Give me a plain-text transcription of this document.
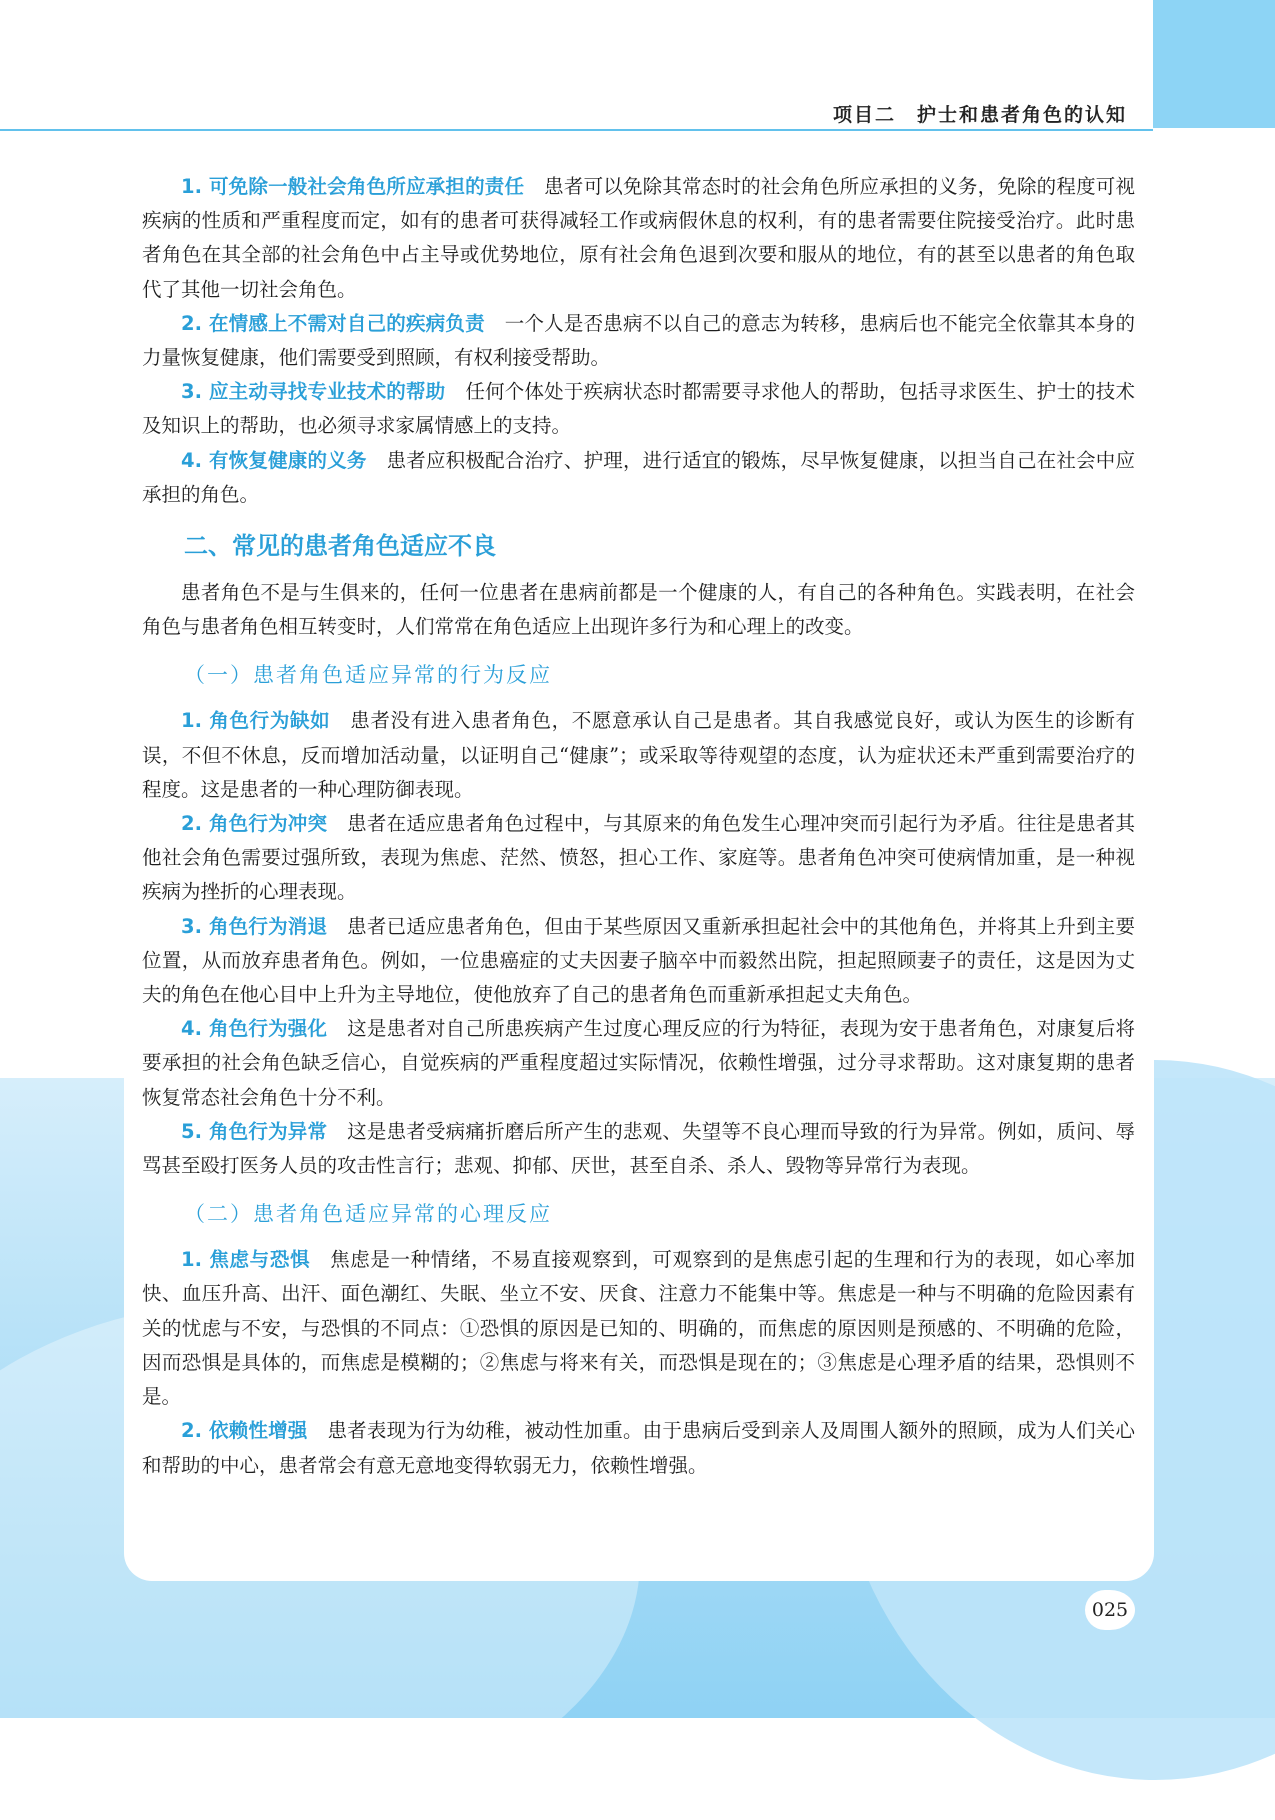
项目二　护士和患者角色的认知

1. 可免除一般社会角色所应承担的责任 患者可以免除其常态时的社会角色所应承担的义务，免除的程度可视疾病的性质和严重程度而定，如有的患者可获得减轻工作或病假休息的权利，有的患者需要住院接受治疗。此时患者角色在其全部的社会角色中占主导或优势地位，原有社会角色退到次要和服从的地位，有的甚至以患者的角色取代了其他一切社会角色。

2. 在情感上不需对自己的疾病负责 一个人是否患病不以自己的意志为转移，患病后也不能完全依靠其本身的力量恢复健康，他们需要受到照顾，有权利接受帮助。

3. 应主动寻找专业技术的帮助 任何个体处于疾病状态时都需要寻求他人的帮助，包括寻求医生、护士的技术及知识上的帮助，也必须寻求家属情感上的支持。

4. 有恢复健康的义务 患者应积极配合治疗、护理，进行适宜的锻炼，尽早恢复健康，以担当自己在社会中应承担的角色。

二、常见的患者角色适应不良

患者角色不是与生俱来的，任何一位患者在患病前都是一个健康的人，有自己的各种角色。实践表明，在社会角色与患者角色相互转变时，人们常常在角色适应上出现许多行为和心理上的改变。

（一）患者角色适应异常的行为反应

1. 角色行为缺如 患者没有进入患者角色，不愿意承认自己是患者。其自我感觉良好，或认为医生的诊断有误，不但不休息，反而增加活动量，以证明自己“健康”；或采取等待观望的态度，认为症状还未严重到需要治疗的程度。这是患者的一种心理防御表现。

2. 角色行为冲突 患者在适应患者角色过程中，与其原来的角色发生心理冲突而引起行为矛盾。往往是患者其他社会角色需要过强所致，表现为焦虑、茫然、愤怒，担心工作、家庭等。患者角色冲突可使病情加重，是一种视疾病为挫折的心理表现。

3. 角色行为消退 患者已适应患者角色，但由于某些原因又重新承担起社会中的其他角色，并将其上升到主要位置，从而放弃患者角色。例如，一位患癌症的丈夫因妻子脑卒中而毅然出院，担起照顾妻子的责任，这是因为丈夫的角色在他心目中上升为主导地位，使他放弃了自己的患者角色而重新承担起丈夫角色。

4. 角色行为强化 这是患者对自己所患疾病产生过度心理反应的行为特征，表现为安于患者角色，对康复后将要承担的社会角色缺乏信心，自觉疾病的严重程度超过实际情况，依赖性增强，过分寻求帮助。这对康复期的患者恢复常态社会角色十分不利。

5. 角色行为异常 这是患者受病痛折磨后所产生的悲观、失望等不良心理而导致的行为异常。例如，质问、辱骂甚至殴打医务人员的攻击性言行；悲观、抑郁、厌世，甚至自杀、杀人、毁物等异常行为表现。

（二）患者角色适应异常的心理反应

1. 焦虑与恐惧 焦虑是一种情绪，不易直接观察到，可观察到的是焦虑引起的生理和行为的表现，如心率加快、血压升高、出汗、面色潮红、失眠、坐立不安、厌食、注意力不能集中等。焦虑是一种与不明确的危险因素有关的忧虑与不安，与恐惧的不同点：①恐惧的原因是已知的、明确的，而焦虑的原因则是预感的、不明确的危险，因而恐惧是具体的，而焦虑是模糊的；②焦虑与将来有关，而恐惧是现在的；③焦虑是心理矛盾的结果，恐惧则不是。

2. 依赖性增强 患者表现为行为幼稚，被动性加重。由于患病后受到亲人及周围人额外的照顾，成为人们关心和帮助的中心，患者常会有意无意地变得软弱无力，依赖性增强。

025
